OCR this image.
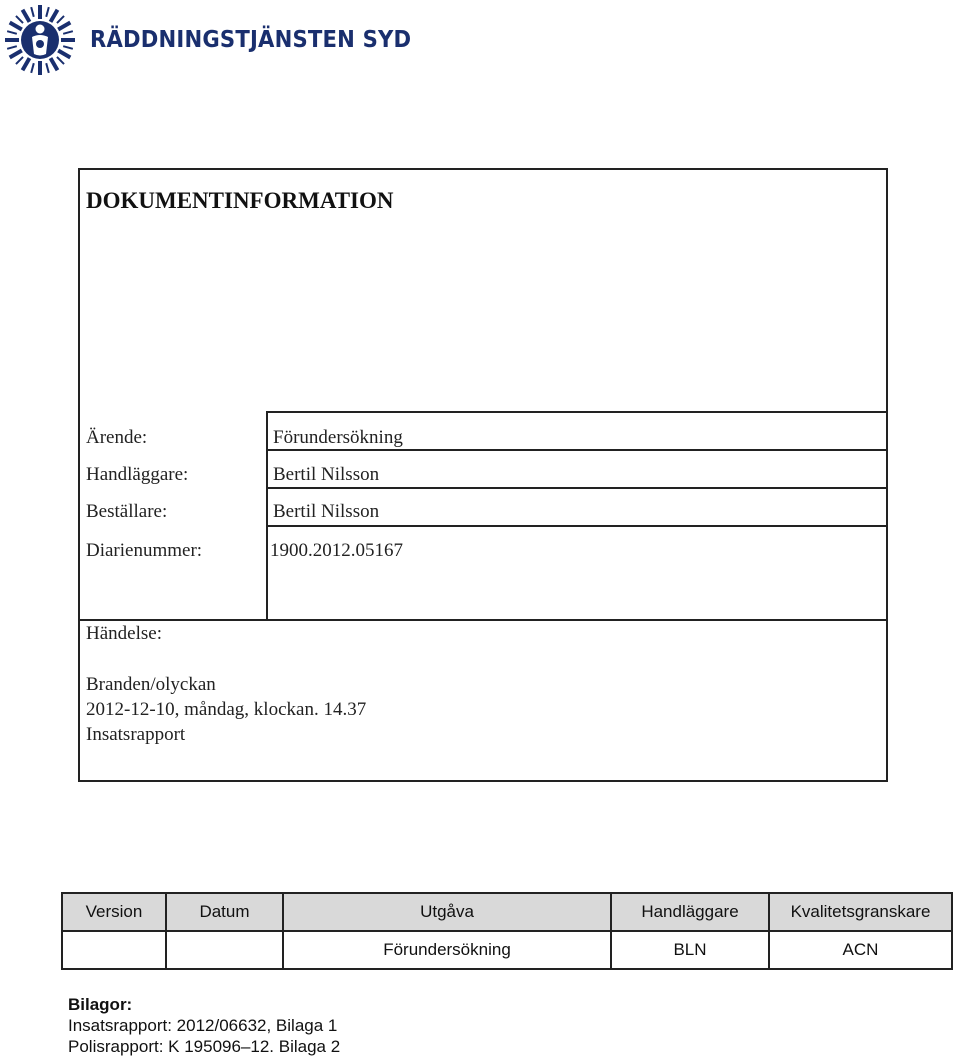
RÄDDNINGSTJÄNSTEN SYD
DOKUMENTINFORMATION
Ärende:	Förundersökning
Handläggare:	Bertil Nilsson
Beställare:	Bertil Nilsson
Diarienummer:	1900.2012.05167
Händelse:
Branden/olyckan
2012-12-10, måndag, klockan. 14.37
Insatsrapport
Version	Datum	Utgåva	Handläggare	Kvalitetsgranskare
		Förundersökning	BLN	ACN
Bilagor:
Insatsrapport: 2012/06632, Bilaga 1
Polisrapport: K 195096–12. Bilaga 2
